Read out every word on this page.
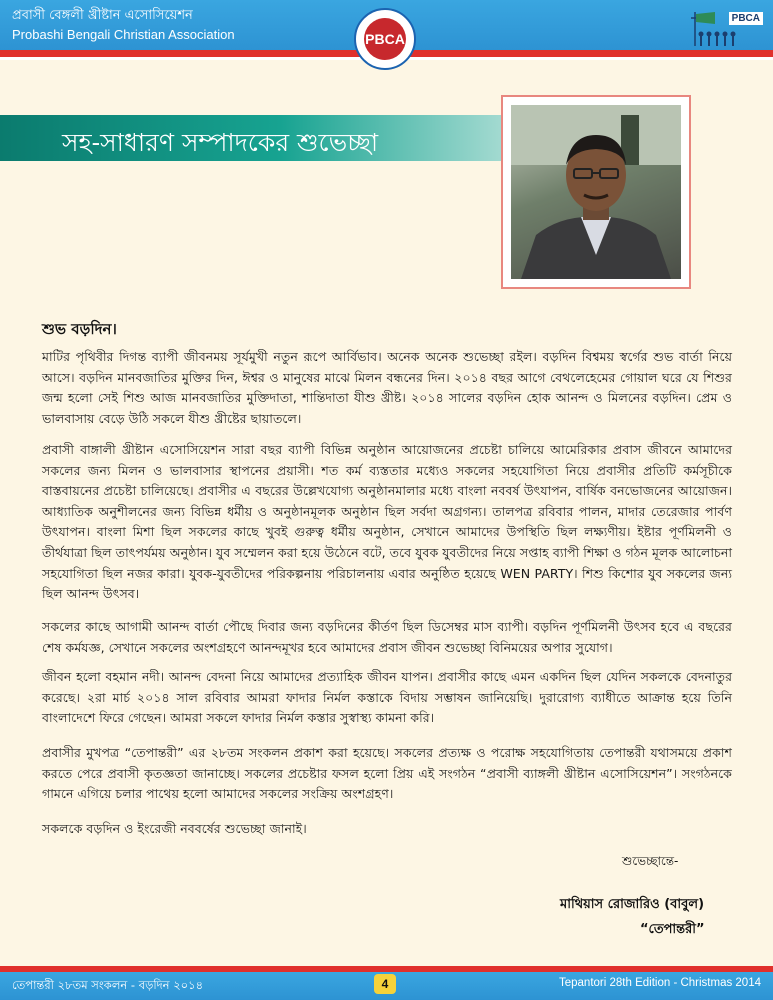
প্রবাসী বেঙ্গলী খ্রীষ্টান এসোসিয়েশন
Probashi Bengali Christian Association	PBCA
PBCA
সহ-সাধারণ সম্পাদকের শুভেচ্ছা
শুভ বড়দিন।
মাটির পৃথিবীর দিগন্ত ব্যাপী জীবনময় সূর্যমুখী নতুন রূপে আর্বিভাব। অনেক অনেক শুভেচ্ছা রইল। বড়দিন বিশ্বময় স্বর্গের শুভ বার্তা নিয়ে আসে। বড়দিন মানবজাতির মুক্তির দিন, ঈশ্বর ও মানুষের মাঝে মিলন বন্ধনের দিন। ২০১৪ বছর আগে বেথলেহেমের গোয়াল ঘরে যে শিশুর জন্ম হলো সেই শিশু আজ মানবজাতির মুক্তিদাতা, শান্তিদাতা যীশু খ্রীষ্ট। ২০১৪ সালের বড়দিন হোক আনন্দ ও মিলনের বড়দিন। প্রেম ও ভালবাসায় বেড়ে উঠি সকলে যীশু খ্রীষ্টের ছায়াতলে।
প্রবাসী বাঙ্গালী খ্রীষ্টান এসোসিয়েশন সারা বছর ব্যাপী বিভিন্ন অনুষ্ঠান আয়োজনের প্রচেষ্টা চালিয়ে আমেরিকার প্রবাস জীবনে আমাদের সকলের জন্য মিলন ও ভালবাসার স্থাপনের প্রয়াসী। শত কর্ম ব্যস্ততার মধ্যেও সকলের সহযোগিতা নিয়ে প্রবাসীর প্রতিটি কর্মসূচীকে বাস্তবায়নের প্রচেষ্টা চালিয়েছে। প্রবাসীর এ বছরের উল্লেখযোগ্য অনুষ্ঠানমালার মধ্যে বাংলা নববর্ষ উৎযাপন, বার্ষিক বনভোজনের আয়োজন। আধ্যাতিক অনুশীলনের জন্য বিভিন্ন ধর্মীয় ও অনুষ্ঠানমূলক অনুষ্ঠান ছিল সর্বদা অগ্রগন্য। তালপত্র রবিবার পালন, মাদার তেরেজার পার্বণ উৎযাপন। বাংলা মিশা ছিল সকলের কাছে খুবই গুরুত্ব ধর্মীয় অনুষ্ঠান, সেখানে আমাদের উপস্থিতি ছিল লক্ষ্যণীয়। ইষ্টার পূর্ণমিলনী ও তীর্থযাত্রা ছিল তাৎপর্যময় অনুষ্ঠান। যুব সম্মেলন করা হয়ে উঠেনে বটে, তবে যুবক যুবতীদের নিয়ে সপ্তাহ ব্যাপী শিক্ষা ও গঠন মূলক আলোচনা সহযোগিতা ছিল নজর কারা। যুবক-যুবতীদের পরিকল্পনায় পরিচালনায় এবার অনুষ্ঠিত হয়েছে WEN PARTY। শিশু কিশোর যুব সকলের জন্য ছিল আনন্দ উৎসব।
সকলের কাছে আগামী আনন্দ বার্তা পৌছে দিবার জন্য বড়দিনের কীর্তণ ছিল ডিসেম্বর মাস ব্যাপী। বড়দিন পূর্ণমিলনী উৎসব হবে এ বছরের শেষ কর্মযজ্ঞ, সেখানে সকলের অংশগ্রহণে আনন্দমূখর হবে আমাদের প্রবাস জীবন শুভেচ্ছা বিনিময়ের অপার সুযোগ।
জীবন হলো বহমান নদী। আনন্দ বেদনা নিয়ে আমাদের প্রত্যাহিক জীবন যাপন। প্রবাসীর কাছে এমন একদিন ছিল যেদিন সকলকে বেদনাতুর করেছে। ২রা মার্চ ২০১৪ সাল রবিবার আমরা ফাদার নির্মল কস্তাকে বিদায় সম্ভাষন জানিয়েছি। দুরারোগ্য ব্যাধীতে আক্রান্ত হয়ে তিনি বাংলাদেশে ফিরে গেছেন। আমরা সকলে ফাদার নির্মল কস্তার সুস্বাস্থ্য কামনা করি।
প্রবাসীর মুখপত্র “তেপান্তরী” এর ২৮তম সংকলন প্রকাশ করা হয়েছে। সকলের প্রত্যক্ষ ও পরোক্ষ সহযোগিতায় তেপান্তরী যথাসময়ে প্রকাশ করতে পেরে প্রবাসী কৃতজ্ঞতা জানাচ্ছে। সকলের প্রচেষ্টার ফসল হলো প্রিয় এই সংগঠন “প্রবাসী ব্যাঙ্গলী খ্রীষ্টান এসোসিয়েশন”। সংগঠনকে গামনে এগিয়ে চলার পাথেয় হলো আমাদের সকলের সংক্রিয় অংশগ্রহণ।
সকলকে বড়দিন ও ইংরেজী নববর্ষের শুভেচ্ছা জানাই।
শুভেচ্ছান্তে-
মাথিয়াস রোজারিও (বাবুল)
“তেপান্তরী”
তেপান্তরী ২৮তম সংকলন - বড়দিন ২০১৪	4	Tepantori 28th Edition - Christmas 2014
